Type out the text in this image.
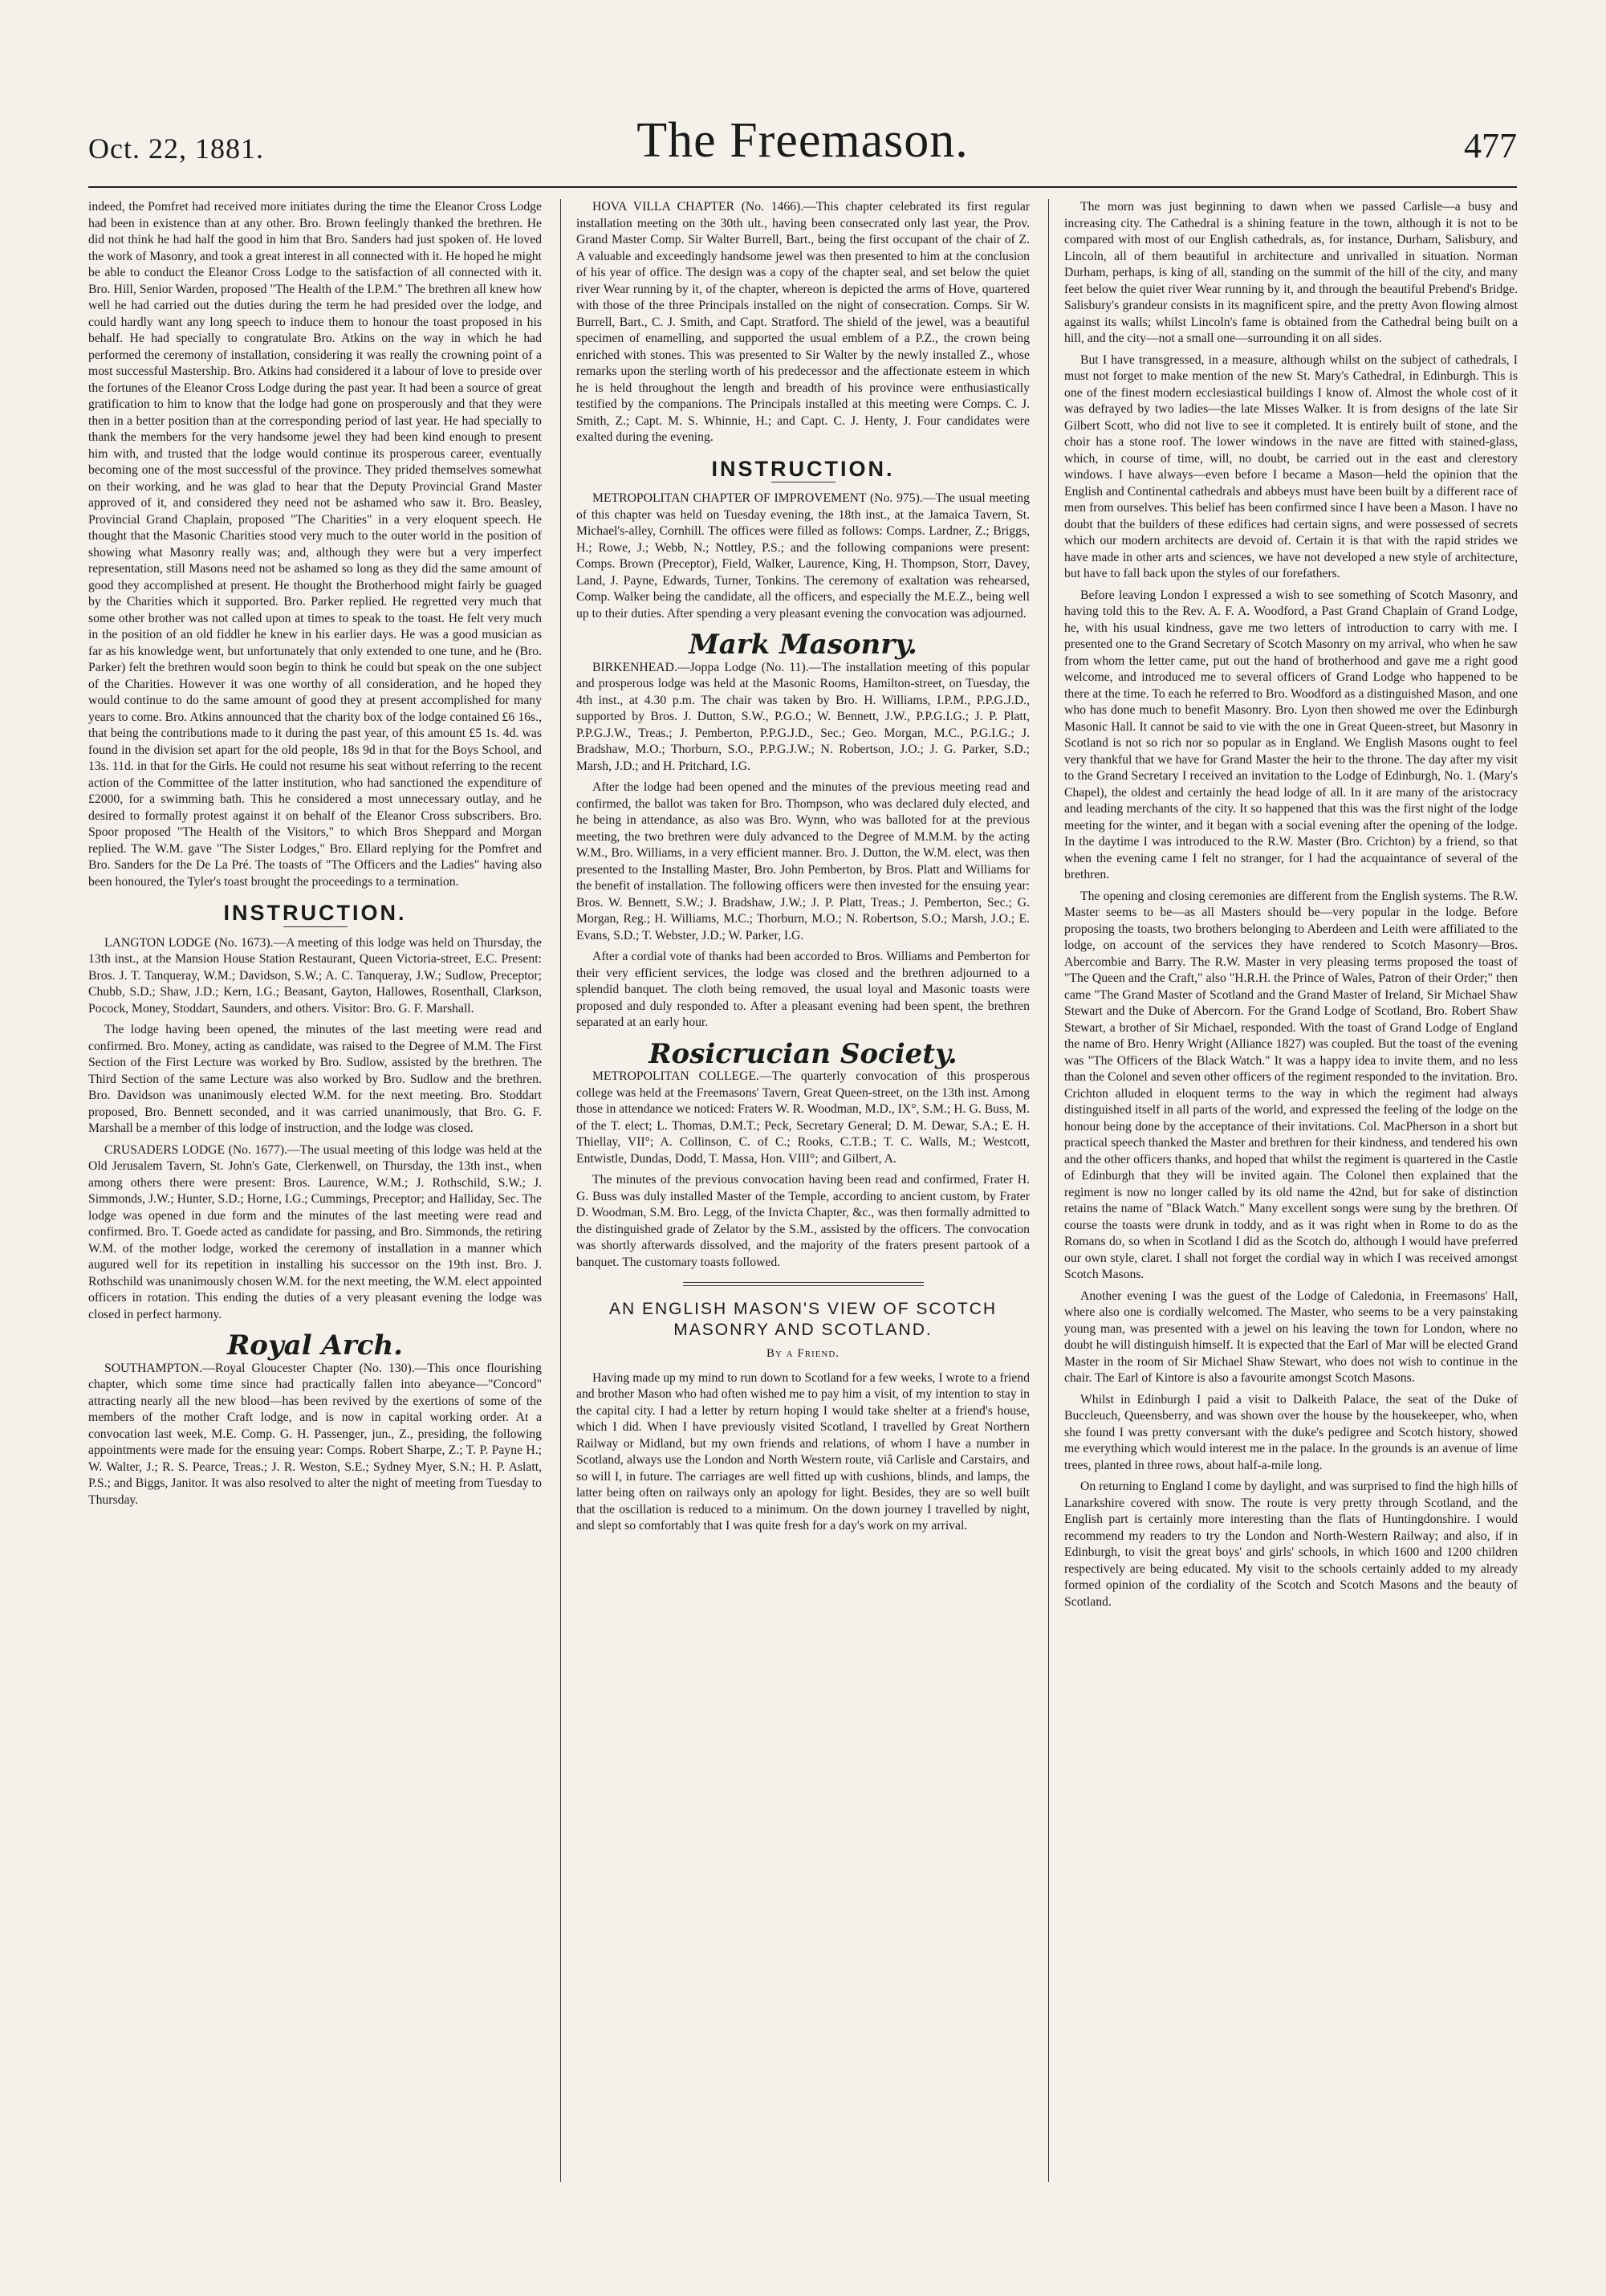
Oct. 22, 1881.	The Freemason.	477

indeed, the Pomfret had received more initiates during the time the Eleanor Cross Lodge had been in existence than at any other. Bro. Brown feelingly thanked the brethren. He did not think he had half the good in him that Bro. Sanders had just spoken of. He loved the work of Masonry, and took a great interest in all connected with it. He hoped he might be able to conduct the Eleanor Cross Lodge to the satisfaction of all connected with it. Bro. Hill, Senior Warden, proposed "The Health of the I.P.M." The brethren all knew how well he had carried out the duties during the term he had presided over the lodge, and could hardly want any long speech to induce them to honour the toast proposed in his behalf. He had specially to congratulate Bro. Atkins on the way in which he had performed the ceremony of installation, considering it was really the crowning point of a most successful Mastership. Bro. Atkins had considered it a labour of love to preside over the fortunes of the Eleanor Cross Lodge during the past year. It had been a source of great gratification to him to know that the lodge had gone on prosperously and that they were then in a better position than at the corresponding period of last year. He had specially to thank the members for the very handsome jewel they had been kind enough to present him with, and trusted that the lodge would continue its prosperous career, eventually becoming one of the most successful of the province. They prided themselves somewhat on their working, and he was glad to hear that the Deputy Provincial Grand Master approved of it, and considered they need not be ashamed who saw it. Bro. Beasley, Provincial Grand Chaplain, proposed "The Charities" in a very eloquent speech. He thought that the Masonic Charities stood very much to the outer world in the position of showing what Masonry really was; and, although they were but a very imperfect representation, still Masons need not be ashamed so long as they did the same amount of good they accomplished at present. He thought the Brotherhood might fairly be guaged by the Charities which it supported. Bro. Parker replied. He regretted very much that some other brother was not called upon at times to speak to the toast. He felt very much in the position of an old fiddler he knew in his earlier days. He was a good musician as far as his knowledge went, but unfortunately that only extended to one tune, and he (Bro. Parker) felt the brethren would soon begin to think he could but speak on the one subject of the Charities. However it was one worthy of all consideration, and he hoped they would continue to do the same amount of good they at present accomplished for many years to come. Bro. Atkins announced that the charity box of the lodge contained £6 16s., that being the contributions made to it during the past year, of this amount £5 1s. 4d. was found in the division set apart for the old people, 18s 9d in that for the Boys School, and 13s. 11d. in that for the Girls. He could not resume his seat without referring to the recent action of the Committee of the latter institution, who had sanctioned the expenditure of £2000, for a swimming bath. This he considered a most unnecessary outlay, and he desired to formally protest against it on behalf of the Eleanor Cross subscribers. Bro. Spoor proposed "The Health of the Visitors," to which Bros Sheppard and Morgan replied. The W.M. gave "The Sister Lodges," Bro. Ellard replying for the Pomfret and Bro. Sanders for the De La Pré. The toasts of "The Officers and the Ladies" having also been honoured, the Tyler's toast brought the proceedings to a termination.

INSTRUCTION.

LANGTON LODGE (No. 1673).—A meeting of this lodge was held on Thursday, the 13th inst., at the Mansion House Station Restaurant, Queen Victoria-street, E.C. Present: Bros. J. T. Tanqueray, W.M.; Davidson, S.W.; A. C. Tanqueray, J.W.; Sudlow, Preceptor; Chubb, S.D.; Shaw, J.D.; Kern, I.G.; Beasant, Gayton, Hallowes, Rosenthall, Clarkson, Pocock, Money, Stoddart, Saunders, and others. Visitor: Bro. G. F. Marshall.

The lodge having been opened, the minutes of the last meeting were read and confirmed. Bro. Money, acting as candidate, was raised to the Degree of M.M. The First Section of the First Lecture was worked by Bro. Sudlow, assisted by the brethren. The Third Section of the same Lecture was also worked by Bro. Sudlow and the brethren. Bro. Davidson was unanimously elected W.M. for the next meeting. Bro. Stoddart proposed, Bro. Bennett seconded, and it was carried unanimously, that Bro. G. F. Marshall be a member of this lodge of instruction, and the lodge was closed.

CRUSADERS LODGE (No. 1677).—The usual meeting of this lodge was held at the Old Jerusalem Tavern, St. John's Gate, Clerkenwell, on Thursday, the 13th inst., when among others there were present: Bros. Laurence, W.M.; J. Rothschild, S.W.; J. Simmonds, J.W.; Hunter, S.D.; Horne, I.G.; Cummings, Preceptor; and Halliday, Sec. The lodge was opened in due form and the minutes of the last meeting were read and confirmed. Bro. T. Goede acted as candidate for passing, and Bro. Simmonds, the retiring W.M. of the mother lodge, worked the ceremony of installation in a manner which augured well for its repetition in installing his successor on the 19th inst. Bro. J. Rothschild was unanimously chosen W.M. for the next meeting, the W.M. elect appointed officers in rotation. This ending the duties of a very pleasant evening the lodge was closed in perfect harmony.

Royal Arch.

SOUTHAMPTON.—Royal Gloucester Chapter (No. 130).—This once flourishing chapter, which some time since had practically fallen into abeyance—"Concord" attracting nearly all the new blood—has been revived by the exertions of some of the members of the mother Craft lodge, and is now in capital working order. At a convocation last week, M.E. Comp. G. H. Passenger, jun., Z., presiding, the following appointments were made for the ensuing year: Comps. Robert Sharpe, Z.; T. P. Payne H.; W. Walter, J.; R. S. Pearce, Treas.; J. R. Weston, S.E.; Sydney Myer, S.N.; H. P. Aslatt, P.S.; and Biggs, Janitor. It was also resolved to alter the night of meeting from Tuesday to Thursday.

HOVA VILLA CHAPTER (No. 1466).—This chapter celebrated its first regular installation meeting on the 30th ult., having been consecrated only last year, the Prov. Grand Master Comp. Sir Walter Burrell, Bart., being the first occupant of the chair of Z. A valuable and exceedingly handsome jewel was then presented to him at the conclusion of his year of office. The design was a copy of the chapter seal, and set below the quiet river Wear running by it, of the chapter, whereon is depicted the arms of Hove, quartered with those of the three Principals installed on the night of consecration. Comps. Sir W. Burrell, Bart., C. J. Smith, and Capt. Stratford. The shield of the jewel, was a beautiful specimen of enamelling, and supported the usual emblem of a P.Z., the crown being enriched with stones. This was presented to Sir Walter by the newly installed Z., whose remarks upon the sterling worth of his predecessor and the affectionate esteem in which he is held throughout the length and breadth of his province were enthusiastically testified by the companions. The Principals installed at this meeting were Comps. C. J. Smith, Z.; Capt. M. S. Whinnie, H.; and Capt. C. J. Henty, J. Four candidates were exalted during the evening.

INSTRUCTION.

METROPOLITAN CHAPTER OF IMPROVEMENT (No. 975).—The usual meeting of this chapter was held on Tuesday evening, the 18th inst., at the Jamaica Tavern, St. Michael's-alley, Cornhill. The offices were filled as follows: Comps. Lardner, Z.; Briggs, H.; Rowe, J.; Webb, N.; Nottley, P.S.; and the following companions were present: Comps. Brown (Preceptor), Field, Walker, Laurence, King, H. Thompson, Storr, Davey, Land, J. Payne, Edwards, Turner, Tonkins. The ceremony of exaltation was rehearsed, Comp. Walker being the candidate, all the officers, and especially the M.E.Z., being well up to their duties. After spending a very pleasant evening the convocation was adjourned.

Mark Masonry.

BIRKENHEAD.—Joppa Lodge (No. 11).—The installation meeting of this popular and prosperous lodge was held at the Masonic Rooms, Hamilton-street, on Tuesday, the 4th inst., at 4.30 p.m. The chair was taken by Bro. H. Williams, I.P.M., P.P.G.J.D., supported by Bros. J. Dutton, S.W., P.G.O.; W. Bennett, J.W., P.P.G.I.G.; J. P. Platt, P.P.G.J.W., Treas.; J. Pemberton, P.P.G.J.D., Sec.; Geo. Morgan, M.C., P.G.I.G.; J. Bradshaw, M.O.; Thorburn, S.O., P.P.G.J.W.; N. Robertson, J.O.; J. G. Parker, S.D.; Marsh, J.D.; and H. Pritchard, I.G.

After the lodge had been opened and the minutes of the previous meeting read and confirmed, the ballot was taken for Bro. Thompson, who was declared duly elected, and he being in attendance, as also was Bro. Wynn, who was balloted for at the previous meeting, the two brethren were duly advanced to the Degree of M.M.M. by the acting W.M., Bro. Williams, in a very efficient manner. Bro. J. Dutton, the W.M. elect, was then presented to the Installing Master, Bro. John Pemberton, by Bros. Platt and Williams for the benefit of installation. The following officers were then invested for the ensuing year: Bros. W. Bennett, S.W.; J. Bradshaw, J.W.; J. P. Platt, Treas.; J. Pemberton, Sec.; G. Morgan, Reg.; H. Williams, M.C.; Thorburn, M.O.; N. Robertson, S.O.; Marsh, J.O.; E. Evans, S.D.; T. Webster, J.D.; W. Parker, I.G.

After a cordial vote of thanks had been accorded to Bros. Williams and Pemberton for their very efficient services, the lodge was closed and the brethren adjourned to a splendid banquet. The cloth being removed, the usual loyal and Masonic toasts were proposed and duly responded to. After a pleasant evening had been spent, the brethren separated at an early hour.

Rosicrucian Society.

METROPOLITAN COLLEGE.—The quarterly convocation of this prosperous college was held at the Freemasons' Tavern, Great Queen-street, on the 13th inst. Among those in attendance we noticed: Fraters W. R. Woodman, M.D., IX°, S.M.; H. G. Buss, M. of the T. elect; L. Thomas, D.M.T.; Peck, Secretary General; D. M. Dewar, S.A.; E. H. Thiellay, VII°; A. Collinson, C. of C.; Rooks, C.T.B.; T. C. Walls, M.; Westcott, Entwistle, Dundas, Dodd, T. Massa, Hon. VIII°; and Gilbert, A.

The minutes of the previous convocation having been read and confirmed, Frater H. G. Buss was duly installed Master of the Temple, according to ancient custom, by Frater D. Woodman, S.M. Bro. Legg, of the Invicta Chapter, &c., was then formally admitted to the distinguished grade of Zelator by the S.M., assisted by the officers. The convocation was shortly afterwards dissolved, and the majority of the fraters present partook of a banquet. The customary toasts followed.

AN ENGLISH MASON'S VIEW OF SCOTCH MASONRY AND SCOTLAND.
By a Friend.

Having made up my mind to run down to Scotland for a few weeks, I wrote to a friend and brother Mason who had often wished me to pay him a visit, of my intention to stay in the capital city. I had a letter by return hoping I would take shelter at a friend's house, which I did. When I have previously visited Scotland, I travelled by Great Northern Railway or Midland, but my own friends and relations, of whom I have a number in Scotland, always use the London and North Western route, viâ Carlisle and Carstairs, and so will I, in future. The carriages are well fitted up with cushions, blinds, and lamps, the latter being often on railways only an apology for light. Besides, they are so well built that the oscillation is reduced to a minimum. On the down journey I travelled by night, and slept so comfortably that I was quite fresh for a day's work on my arrival.

The morn was just beginning to dawn when we passed Carlisle—a busy and increasing city. The Cathedral is a shining feature in the town, although it is not to be compared with most of our English cathedrals, as, for instance, Durham, Salisbury, and Lincoln, all of them beautiful in architecture and unrivalled in situation. Norman Durham, perhaps, is king of all, standing on the summit of the hill of the city, and many feet below the quiet river Wear running by it, and through the beautiful Prebend's Bridge. Salisbury's grandeur consists in its magnificent spire, and the pretty Avon flowing almost against its walls; whilst Lincoln's fame is obtained from the Cathedral being built on a hill, and the city—not a small one—surrounding it on all sides.

But I have transgressed, in a measure, although whilst on the subject of cathedrals, I must not forget to make mention of the new St. Mary's Cathedral, in Edinburgh. This is one of the finest modern ecclesiastical buildings I know of. Almost the whole cost of it was defrayed by two ladies—the late Misses Walker. It is from designs of the late Sir Gilbert Scott, who did not live to see it completed. It is entirely built of stone, and the choir has a stone roof. The lower windows in the nave are fitted with stained-glass, which, in course of time, will, no doubt, be carried out in the east and clerestory windows. I have always—even before I became a Mason—held the opinion that the English and Continental cathedrals and abbeys must have been built by a different race of men from ourselves. This belief has been confirmed since I have been a Mason. I have no doubt that the builders of these edifices had certain signs, and were possessed of secrets which our modern architects are devoid of. Certain it is that with the rapid strides we have made in other arts and sciences, we have not developed a new style of architecture, but have to fall back upon the styles of our forefathers.

Before leaving London I expressed a wish to see something of Scotch Masonry, and having told this to the Rev. A. F. A. Woodford, a Past Grand Chaplain of Grand Lodge, he, with his usual kindness, gave me two letters of introduction to carry with me. I presented one to the Grand Secretary of Scotch Masonry on my arrival, who when he saw from whom the letter came, put out the hand of brotherhood and gave me a right good welcome, and introduced me to several officers of Grand Lodge who happened to be there at the time. To each he referred to Bro. Woodford as a distinguished Mason, and one who has done much to benefit Masonry. Bro. Lyon then showed me over the Edinburgh Masonic Hall. It cannot be said to vie with the one in Great Queen-street, but Masonry in Scotland is not so rich nor so popular as in England. We English Masons ought to feel very thankful that we have for Grand Master the heir to the throne. The day after my visit to the Grand Secretary I received an invitation to the Lodge of Edinburgh, No. 1. (Mary's Chapel), the oldest and certainly the head lodge of all. In it are many of the aristocracy and leading merchants of the city. It so happened that this was the first night of the lodge meeting for the winter, and it began with a social evening after the opening of the lodge. In the daytime I was introduced to the R.W. Master (Bro. Crichton) by a friend, so that when the evening came I felt no stranger, for I had the acquaintance of several of the brethren.

The opening and closing ceremonies are different from the English systems. The R.W. Master seems to be—as all Masters should be—very popular in the lodge. Before proposing the toasts, two brothers belonging to Aberdeen and Leith were affiliated to the lodge, on account of the services they have rendered to Scotch Masonry—Bros. Abercombie and Barry. The R.W. Master in very pleasing terms proposed the toast of "The Queen and the Craft," also "H.R.H. the Prince of Wales, Patron of their Order;" then came "The Grand Master of Scotland and the Grand Master of Ireland, Sir Michael Shaw Stewart and the Duke of Abercorn. For the Grand Lodge of Scotland, Bro. Robert Shaw Stewart, a brother of Sir Michael, responded. With the toast of Grand Lodge of England the name of Bro. Henry Wright (Alliance 1827) was coupled. But the toast of the evening was "The Officers of the Black Watch." It was a happy idea to invite them, and no less than the Colonel and seven other officers of the regiment responded to the invitation. Bro. Crichton alluded in eloquent terms to the way in which the regiment had always distinguished itself in all parts of the world, and expressed the feeling of the lodge on the honour being done by the acceptance of their invitations. Col. MacPherson in a short but practical speech thanked the Master and brethren for their kindness, and tendered his own and the other officers thanks, and hoped that whilst the regiment is quartered in the Castle of Edinburgh that they will be invited again. The Colonel then explained that the regiment is now no longer called by its old name the 42nd, but for sake of distinction retains the name of "Black Watch." Many excellent songs were sung by the brethren. Of course the toasts were drunk in toddy, and as it was right when in Rome to do as the Romans do, so when in Scotland I did as the Scotch do, although I would have preferred our own style, claret. I shall not forget the cordial way in which I was received amongst Scotch Masons.

Another evening I was the guest of the Lodge of Caledonia, in Freemasons' Hall, where also one is cordially welcomed. The Master, who seems to be a very painstaking young man, was presented with a jewel on his leaving the town for London, where no doubt he will distinguish himself. It is expected that the Earl of Mar will be elected Grand Master in the room of Sir Michael Shaw Stewart, who does not wish to continue in the chair. The Earl of Kintore is also a favourite amongst Scotch Masons.

Whilst in Edinburgh I paid a visit to Dalkeith Palace, the seat of the Duke of Buccleuch, Queensberry, and was shown over the house by the housekeeper, who, when she found I was pretty conversant with the duke's pedigree and Scotch history, showed me everything which would interest me in the palace. In the grounds is an avenue of lime trees, planted in three rows, about half-a-mile long.

On returning to England I come by daylight, and was surprised to find the high hills of Lanarkshire covered with snow. The route is very pretty through Scotland, and the English part is certainly more interesting than the flats of Huntingdonshire. I would recommend my readers to try the London and North-Western Railway; and also, if in Edinburgh, to visit the great boys' and girls' schools, in which 1600 and 1200 children respectively are being educated. My visit to the schools certainly added to my already formed opinion of the cordiality of the Scotch and Scotch Masons and the beauty of Scotland.
